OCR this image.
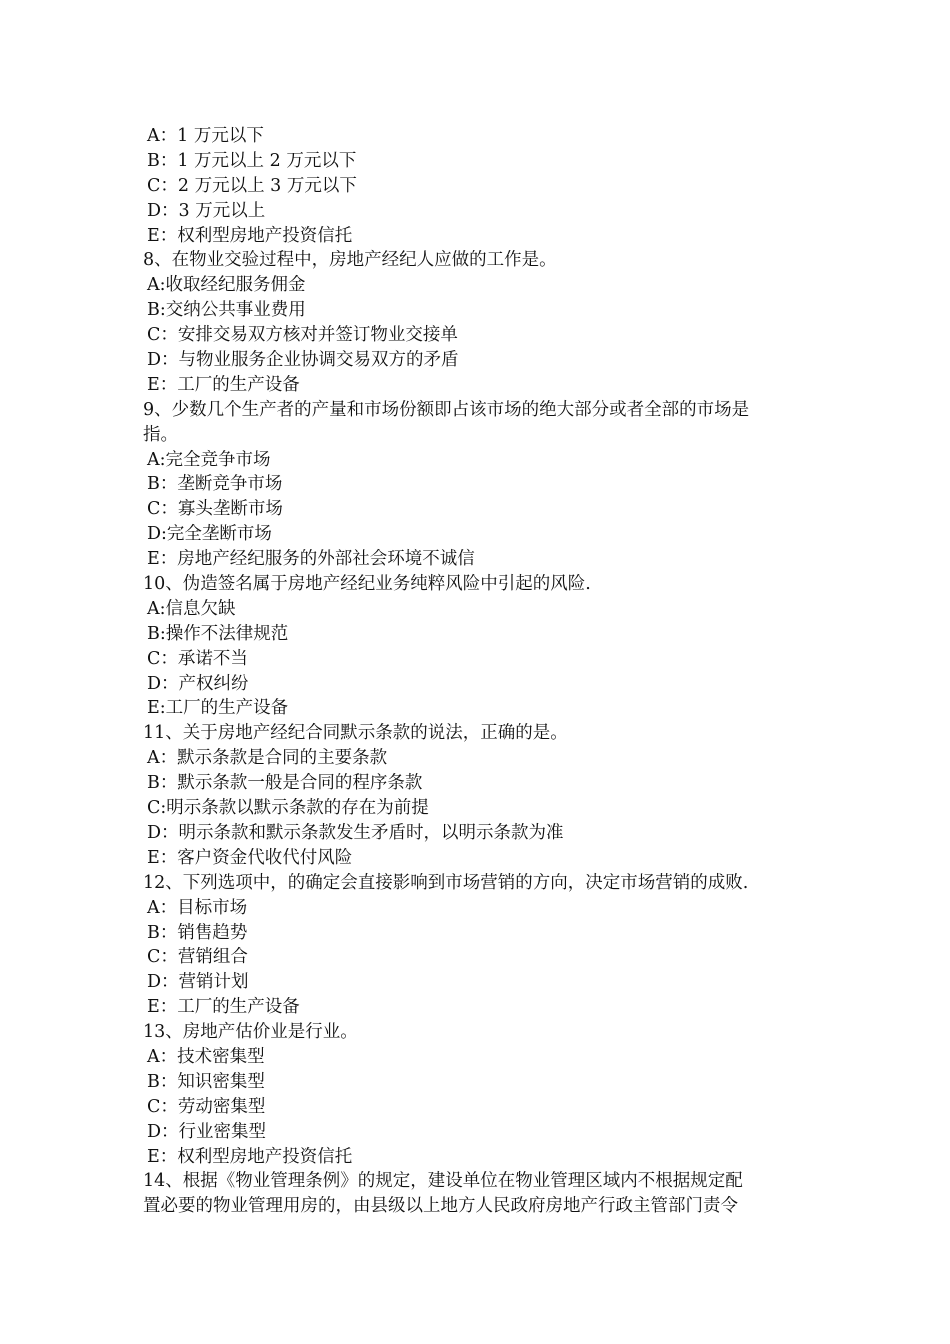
A：1 万元以下
B：1 万元以上 2 万元以下
C：2 万元以上 3 万元以下
D：3 万元以上
E：权利型房地产投资信托
8、在物业交验过程中，房地产经纪人应做的工作是。
A:收取经纪服务佣金
B:交纳公共事业费用
C：安排交易双方核对并签订物业交接单
D：与物业服务企业协调交易双方的矛盾
E：工厂的生产设备
9、少数几个生产者的产量和市场份额即占该市场的绝大部分或者全部的市场是
指。
A:完全竞争市场
B：垄断竞争市场
C：寡头垄断市场
D:完全垄断市场
E：房地产经纪服务的外部社会环境不诚信
10、伪造签名属于房地产经纪业务纯粹风险中引起的风险.
A:信息欠缺
B:操作不法律规范
C：承诺不当
D：产权纠纷
E:工厂的生产设备
11、关于房地产经纪合同默示条款的说法，正确的是。
A：默示条款是合同的主要条款
B：默示条款一般是合同的程序条款
C:明示条款以默示条款的存在为前提
D：明示条款和默示条款发生矛盾时，以明示条款为准
E：客户资金代收代付风险
12、下列选项中，的确定会直接影响到市场营销的方向，决定市场营销的成败.
A：目标市场
B：销售趋势
C：营销组合
D：营销计划
E：工厂的生产设备
13、房地产估价业是行业。
A：技术密集型
B：知识密集型
C：劳动密集型
D：行业密集型
E：权利型房地产投资信托
14、根据《物业管理条例》的规定，建设单位在物业管理区域内不根据规定配
置必要的物业管理用房的，由县级以上地方人民政府房地产行政主管部门责令
